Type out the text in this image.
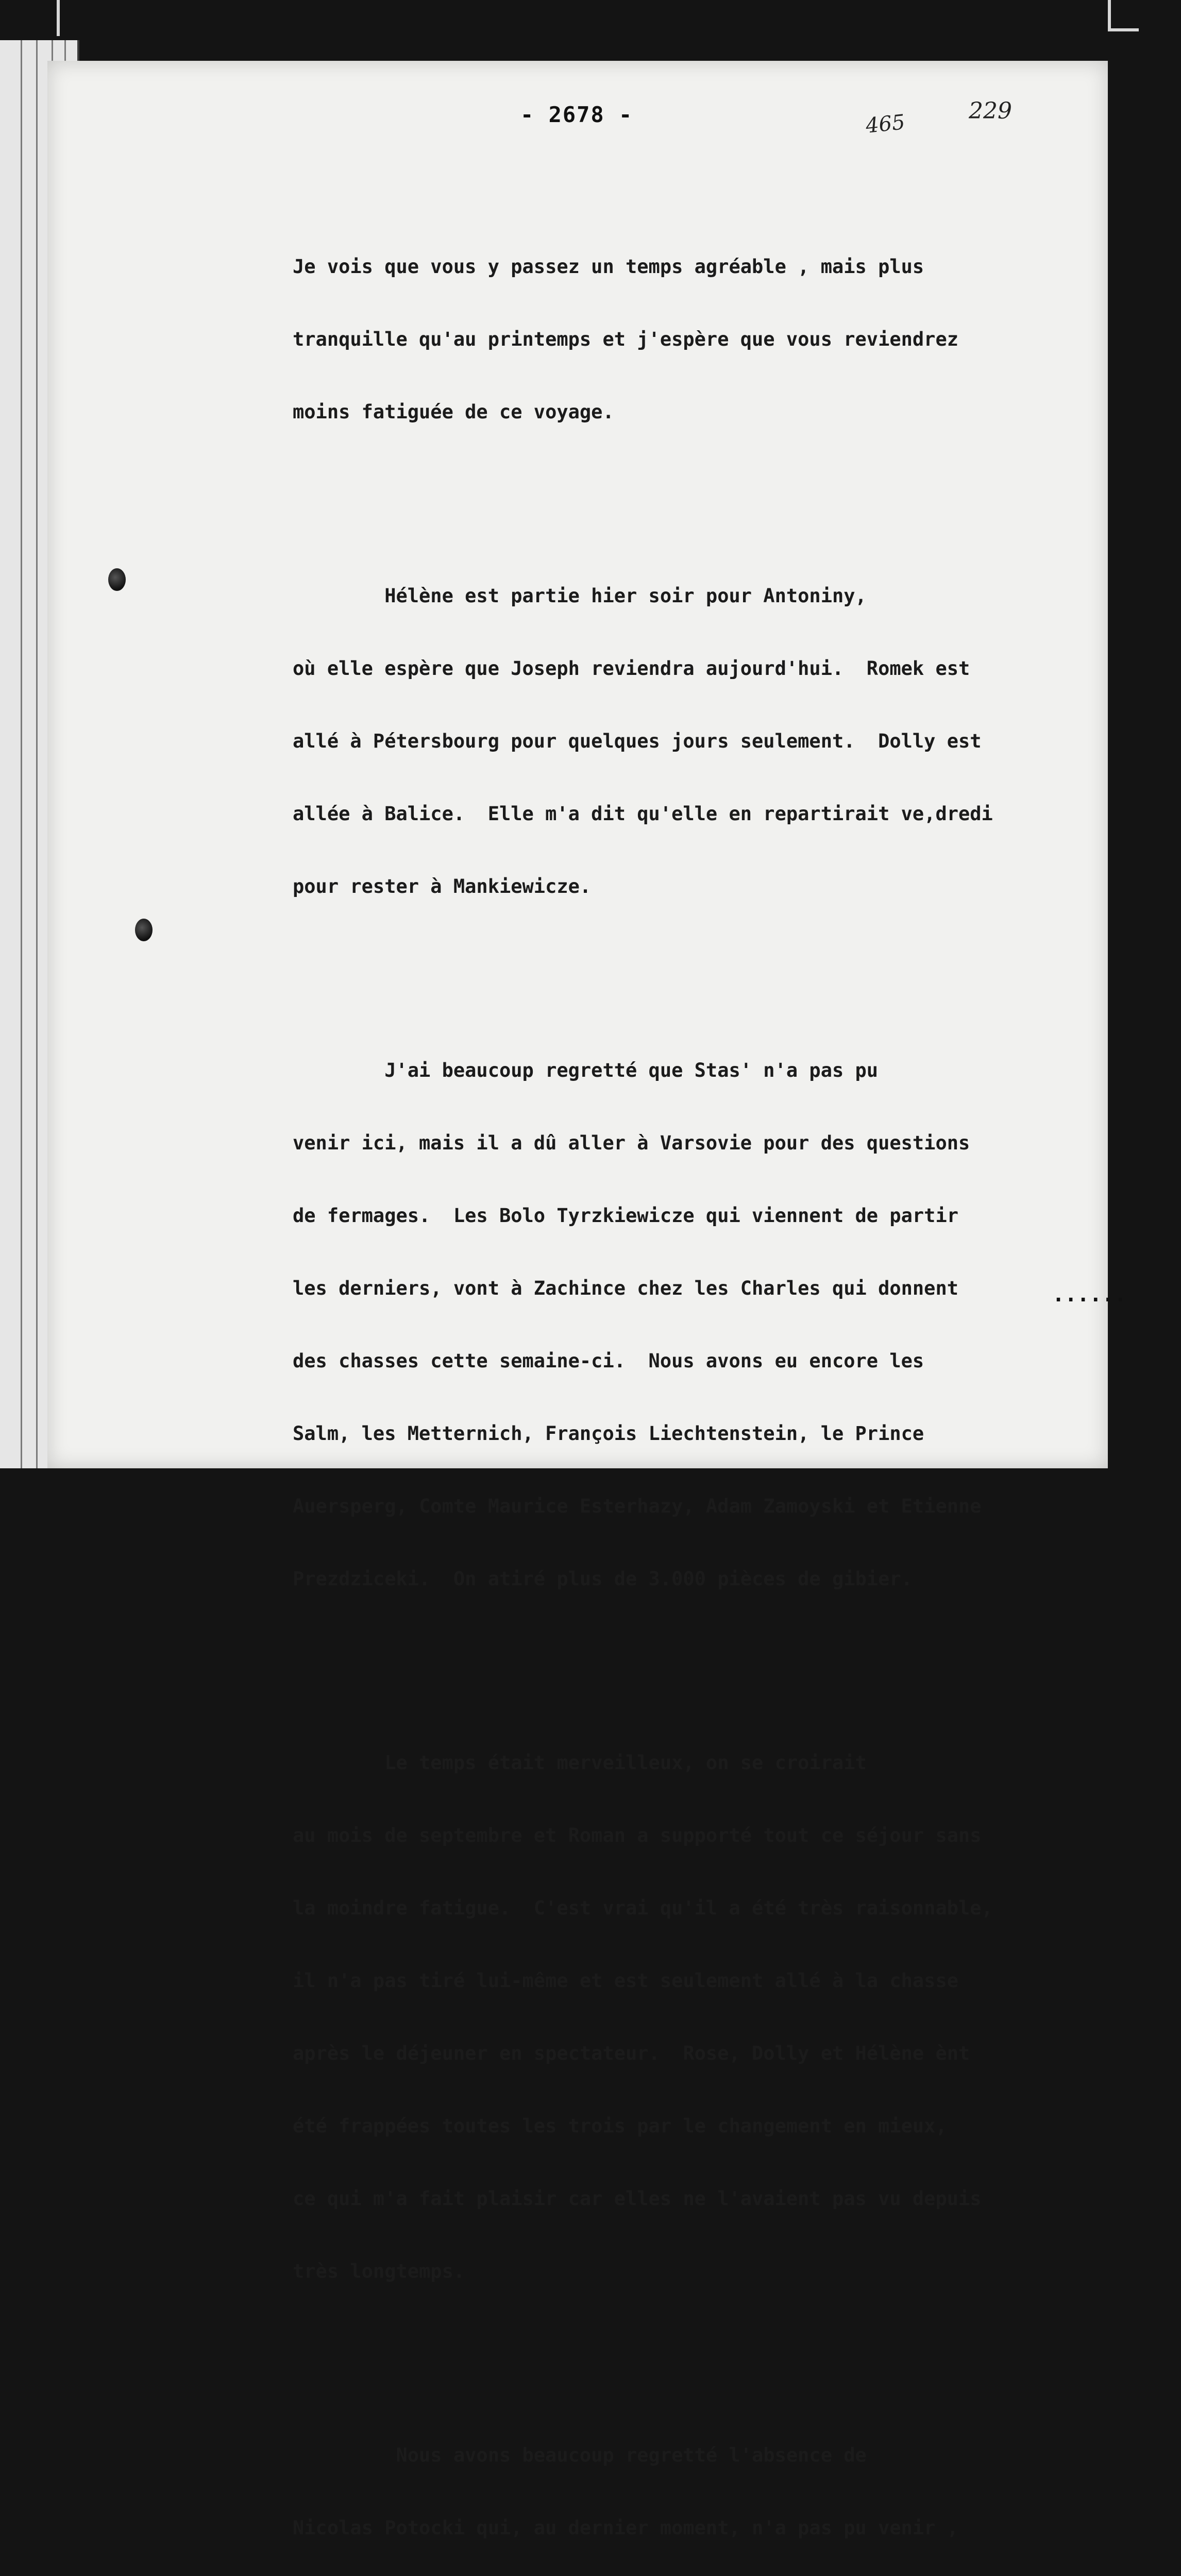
- 2678 -	465	229

Je vois que vous y passez un temps agréable , mais plus

tranquille qu'au printemps et j'espère que vous reviendrez

moins fatiguée de ce voyage.

Hélène est partie hier soir pour Antoniny,

où elle espère que Joseph reviendra aujourd'hui.  Romek est

allé à Pétersbourg pour quelques jours seulement.  Dolly est

allée à Balice.  Elle m'a dit qu'elle en repartirait ve,dredi

pour rester à Mankiewicze.

J'ai beaucoup regretté que Stas' n'a pas pu

venir ici, mais il a dû aller à Varsovie pour des questions

de fermages.  Les Bolo Tyrzkiewicze qui viennent de partir

les derniers, vont à Zachince chez les Charles qui donnent

des chasses cette semaine-ci.  Nous avons eu encore les

Salm, les Metternich, François Liechtenstein, le Prince

Auersperg, Comte Maurice Esterhazy, Adam Zamoyski et Etienne

Prezdziceki.  On atiré plus de 3.000 pièces de gibier.

Le temps était merveilleux, on se croirait

au mois de septembre et Roman a supporté tout ce séjour sans

la moindre fatigue.  C'est vrai qu'il a été très raisonnable,

il n'a pas tiré lui-même et est seulement allé à la chasse

après le déjeuner en spectateur.  Rose, Dolly et Hélène ènt

été frappées toutes les trois par le changement en mieux,

ce qui m'a fait plaisir car elles ne l'avaient pas vu depuis

très longtemps.

Nous avons beaucoup regretté l'absence de

Nicolas Potocki qui, au dernier moment, n'a pas pu venir ,

......
